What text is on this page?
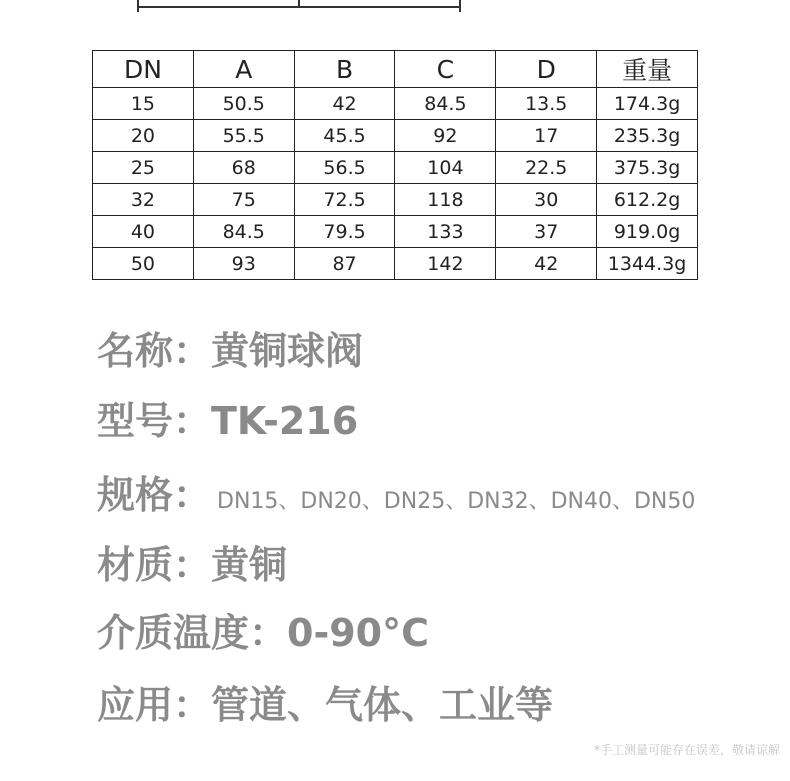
DN	A	B	C	D	重量
15	50.5	42	84.5	13.5	174.3g
20	55.5	45.5	92	17	235.3g
25	68	56.5	104	22.5	375.3g
32	75	72.5	118	30	612.2g
40	84.5	79.5	133	37	919.0g
50	93	87	142	42	1344.3g
名称：黄铜球阀
型号：TK-216
规格： DN15、DN20、DN25、DN32、DN40、DN50
材质：黄铜
介质温度：0-90°C
应用：管道、气体、工业等
*手工测量可能存在误差，敬请谅解
